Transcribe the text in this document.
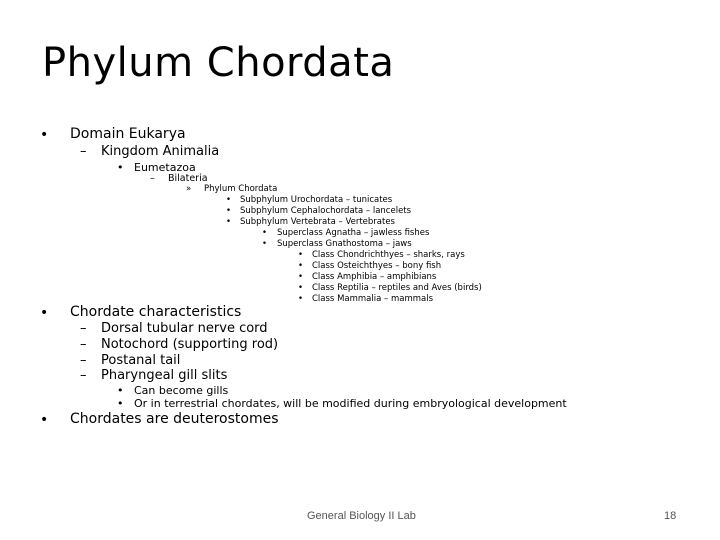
Phylum Chordata
• Domain Eukarya
– Kingdom Animalia
• Eumetazoa
– Bilateria
» Phylum Chordata
• Subphylum Urochordata – tunicates
• Subphylum Cephalochordata – lancelets
• Subphylum Vertebrata – Vertebrates
• Superclass Agnatha – jawless fishes
• Superclass Gnathostoma – jaws
• Class Chondrichthyes – sharks, rays
• Class Osteichthyes – bony fish
• Class Amphibia – amphibians
• Class Reptilia – reptiles and Aves (birds)
• Class Mammalia – mammals
• Chordate characteristics
– Dorsal tubular nerve cord
– Notochord (supporting rod)
– Postanal tail
– Pharyngeal gill slits
• Can become gills
• Or in terrestrial chordates, will be modified during embryological development
• Chordates are deuterostomes
General Biology II Lab	18
